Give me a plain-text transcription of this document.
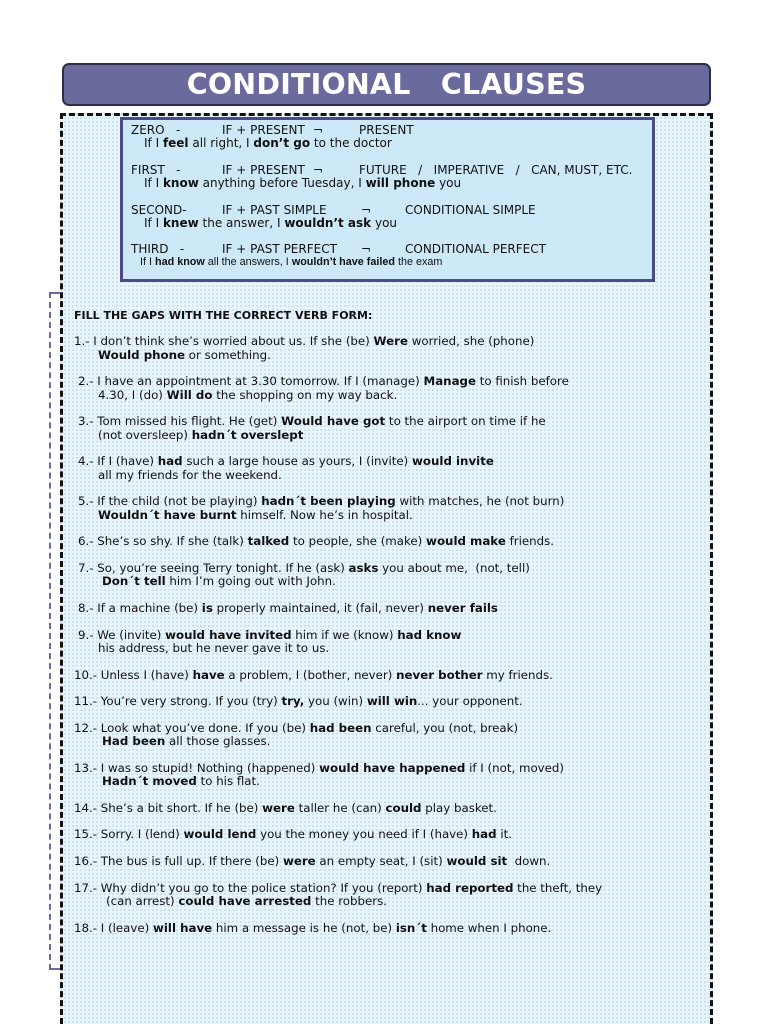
CONDITIONAL   CLAUSES
ZERO   -	IF + PRESENT ¬	PRESENT
If I feel all right, I don’t go to the doctor
FIRST   -	IF + PRESENT ¬	FUTURE   /   IMPERATIVE   /   CAN, MUST, ETC.
If I know anything before Tuesday, I will phone you
SECOND-	IF + PAST SIMPLE	¬	CONDITIONAL SIMPLE
If I knew the answer, I wouldn’t ask you
THIRD   -	IF + PAST PERFECT ¬	CONDITIONAL PERFECT
If I had know all the answers, I wouldn’t have failed the exam
FILL THE GAPS WITH THE CORRECT VERB FORM:
1.- I don’t think she’s worried about us. If she (be) Were worried, she (phone)
Would phone or something.
2.- I have an appointment at 3.30 tomorrow. If I (manage) Manage to finish before
4.30, I (do) Will do the shopping on my way back.
3.- Tom missed his flight. He (get) Would have got to the airport on time if he
(not oversleep) hadn´t overslept
4.- If I (have) had such a large house as yours, I (invite) would invite
all my friends for the weekend.
5.- If the child (not be playing) hadn´t been playing with matches, he (not burn)
Wouldn´t have burnt himself. Now he’s in hospital.
6.- She’s so shy. If she (talk) talked to people, she (make) would make friends.
7.- So, you’re seeing Terry tonight. If he (ask) asks you about me,  (not, tell)
Don´t tell him I’m going out with John.
8.- If a machine (be) is properly maintained, it (fail, never) never fails
9.- We (invite) would have invited him if we (know) had know
his address, but he never gave it to us.
10.- Unless I (have) have a problem, I (bother, never) never bother my friends.
11.- You’re very strong. If you (try) try, you (win) will win... your opponent.
12.- Look what you’ve done. If you (be) had been careful, you (not, break)
Had been all those glasses.
13.- I was so stupid! Nothing (happened) would have happened if I (not, moved)
Hadn´t moved to his flat.
14.- She’s a bit short. If he (be) were taller he (can) could play basket.
15.- Sorry. I (lend) would lend you the money you need if I (have) had it.
16.- The bus is full up. If there (be) were an empty seat, I (sit) would sit  down.
17.- Why didn’t you go to the police station? If you (report) had reported the theft, they
(can arrest) could have arrested the robbers.
18.- I (leave) will have him a message is he (not, be) isn´t home when I phone.
